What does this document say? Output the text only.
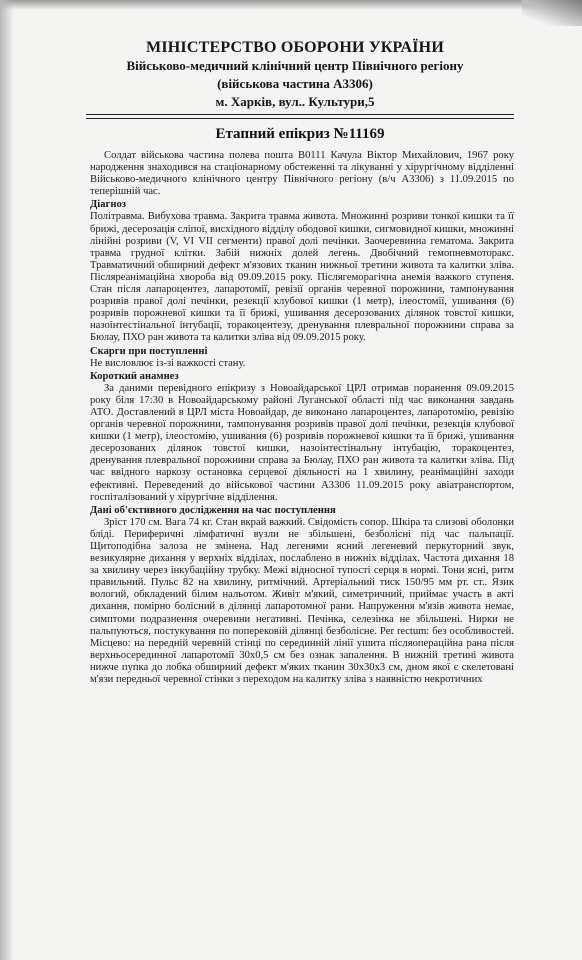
МІНІСТЕРСТВО ОБОРОНИ УКРАЇНИ
Військово-медичний клінічний центр Північного регіону
(військова частина А3306)
м. Харків, вул.. Культури,5
Етапний епікриз №11169

Солдат військова частина полева пошта В0111 Качула Віктор Михайлович, 1967 року народження знаходився на стаціонарному обстеженні та лікуванні у хірургічному відділенні Військово-медичного клінічного центру Північного регіону (в/ч А3306) з 11.09.2015 по теперішній час.

Діагноз

Політравма. Вибухова травма. Закрита травма живота. Множинні розриви тонкої кишки та її брижі, десерозація сліпої, висхідного відділу ободової кишки, сигмовидної кишки, множинні лінійні розриви (V, VI VII сегменти) правої долі печінки. Заочеревинна гематома. Закрита травма грудної клітки. Забій нижніх долей легень. Двобічний гемопневмоторакс. Травматичний обширний дефект м'язових тканин нижньої третини живота та калитки зліва. Післяреанімаційна хвороба від 09.09.2015 року. Післягеморагічна анемія важкого ступеня. Стан після лапароцентез, лапаротомії, ревізії органів черевної порожнини, тампонування розривів правої долі печінки, резекції клубової кишки (1 метр), ілеостомії, ушивання (6) розривів порожневої кишки та її брижі, ушивання десерозованих ділянок товстої кишки, назоінтестінальної інтубації, торакоцентезу, дренування плевральної порожнини справа за Бюлау, ПХО ран живота та калитки зліва від 09.09.2015 року.

Скарги при поступленні

Не висловлює із-зі важкості стану.

Короткий анамнез

За даними перевідного епікризу з Новоайдарської ЦРЛ отримав поранення 09.09.2015 року біля 17:30 в Новоайдарському районі Луганської області під час виконання завдань АТО. Доставлений в ЦРЛ міста Новоайдар, де виконано лапароцентез, лапаротомію, ревізію органів черевної порожнини, тампонування розривів правої долі печінки, резекція клубової кишки (1 метр), ілеостомію, ушивання (6) розривів порожневої кишки та її брижі, ушивання десерозованих ділянок товстої кишки, назоінтестінальну інтубацію, торакоцентез, дренування плевральної порожнини справа за Бюлау, ПХО ран живота та калитки зліва. Під час ввідного наркозу остановка серцевої діяльності на 1 хвилину, реанімаційні заходи ефективні. Переведений до військової частини А3306 11.09.2015 року авіатранспортом, госпіталізований у хірургічне відділення.

Дані об'єктивного дослідження на час поступлення

Зріст 170 см. Вага 74 кг. Стан вкрай важкий. Свідомість сопор. Шкіра та слизові оболонки бліді. Периферичні лімфатичні вузли не збільшені, безболісні під час пальпації. Щитоподібна залоза не змінена. Над легенями ясний легеневий перкуторний звук, везикулярне дихання у верхніх відділах, послаблено в нижніх відділах. Частота дихання 18 за хвилину через інкубаційну трубку. Межі відносної тупості серця в нормі. Тони ясні, ритм правильний. Пульс 82 на хвилину, ритмічний. Артеріальний тиск 150/95 мм рт. ст.. Язик вологий, обкладений білим нальотом. Живіт м'який, симетричний, приймає участь в акті дихання, помірно болісний в ділянці лапаротомної рани. Напруження м'язів живота немає, симптоми подразнення очеревини негативні. Печінка, селезінка не збільшені. Нирки не пальпуються, постукування по поперековій ділянці безболісне. Per rectum: без особливостей. Місцево: на передній черевній стінці по серединній лінії ушита післяопераційна рана після верхньосерединної лапаротомії 30х0,5 см без ознак запалення. В нижній третині живота нижче пупка до лобка обширний дефект м'яких тканин 30х30х3 см, дном якої є скелетовані м'язи передньої черевної стінки з переходом на калитку зліва з наявністю некротичних
